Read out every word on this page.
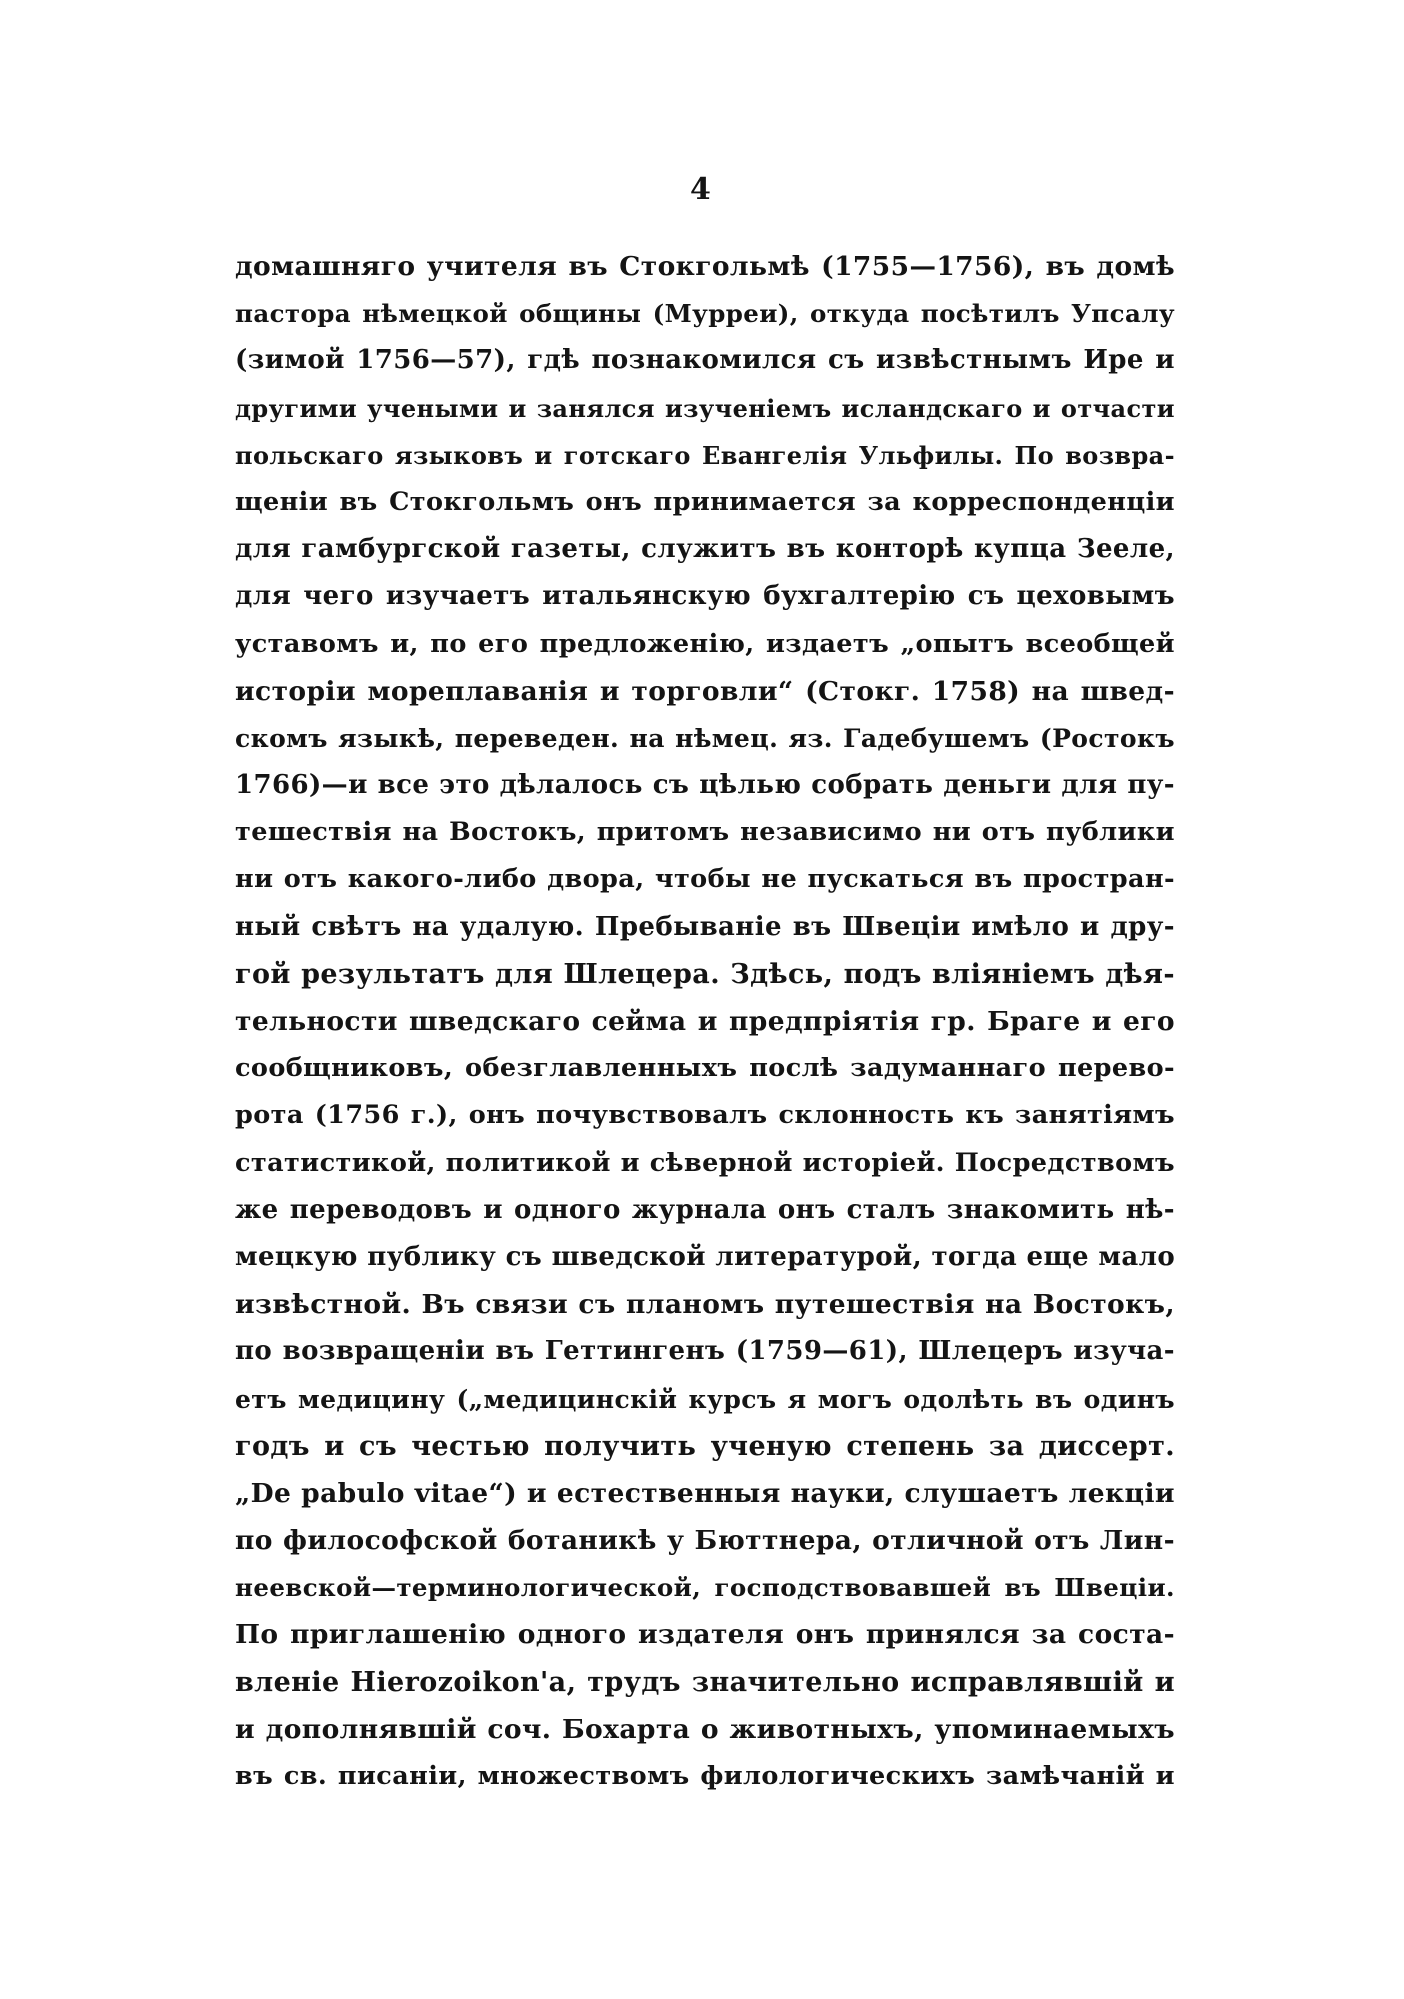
4
домашняго учителя въ Стокгольмѣ (1755—1756), въ домѣ
пастора нѣмецкой общины (Мурреи), откуда посѣтилъ Упсалу
(зимой 1756—57), гдѣ познакомился съ извѣстнымъ Ире и
другими учеными и занялся изученіемъ исландскаго и отчасти
польскаго языковъ и готскаго Евангелія Ульфилы. По возвра-
щеніи въ Стокгольмъ онъ принимается за корреспонденціи
для гамбургской газеты, служитъ въ конторѣ купца Зееле,
для чего изучаетъ итальянскую бухгалтерію съ цеховымъ
уставомъ и, по его предложенію, издаетъ „опытъ всеобщей
исторіи мореплаванія и торговли“ (Стокг. 1758) на швед-
скомъ языкѣ, переведен. на нѣмец. яз. Гадебушемъ (Ростокъ
1766)—и все это дѣлалось съ цѣлью собрать деньги для пу-
тешествія на Востокъ, притомъ независимо ни отъ публики
ни отъ какого-либо двора, чтобы не пускаться въ простран-
ный свѣтъ на удалую. Пребываніе въ Швеціи имѣло и дру-
гой результатъ для Шлецера. Здѣсь, подъ вліяніемъ дѣя-
тельности шведскаго сейма и предпріятія гр. Браге и его
сообщниковъ, обезглавленныхъ послѣ задуманнаго перево-
рота (1756 г.), онъ почувствовалъ склонность къ занятіямъ
статистикой, политикой и сѣверной исторіей. Посредствомъ
же переводовъ и одного журнала онъ сталъ знакомить нѣ-
мецкую публику съ шведской литературой, тогда еще мало
извѣстной. Въ связи съ планомъ путешествія на Востокъ,
по возвращеніи въ Геттингенъ (1759—61), Шлецеръ изуча-
етъ медицину („медицинскій курсъ я могъ одолѣть въ одинъ
годъ и съ честью получить ученую степень за диссерт.
„De pabulo vitae“) и естественныя науки, слушаетъ лекціи
по философской ботаникѣ у Бюттнера, отличной отъ Лин-
неевской—терминологической, господствовавшей въ Швеціи.
По приглашенію одного издателя онъ принялся за соста-
вленіе Hierozoikon'а, трудъ значительно исправлявшій и
и дополнявшій соч. Бохарта о животныхъ, упоминаемыхъ
въ св. писаніи, множествомъ филологическихъ замѣчаній и
